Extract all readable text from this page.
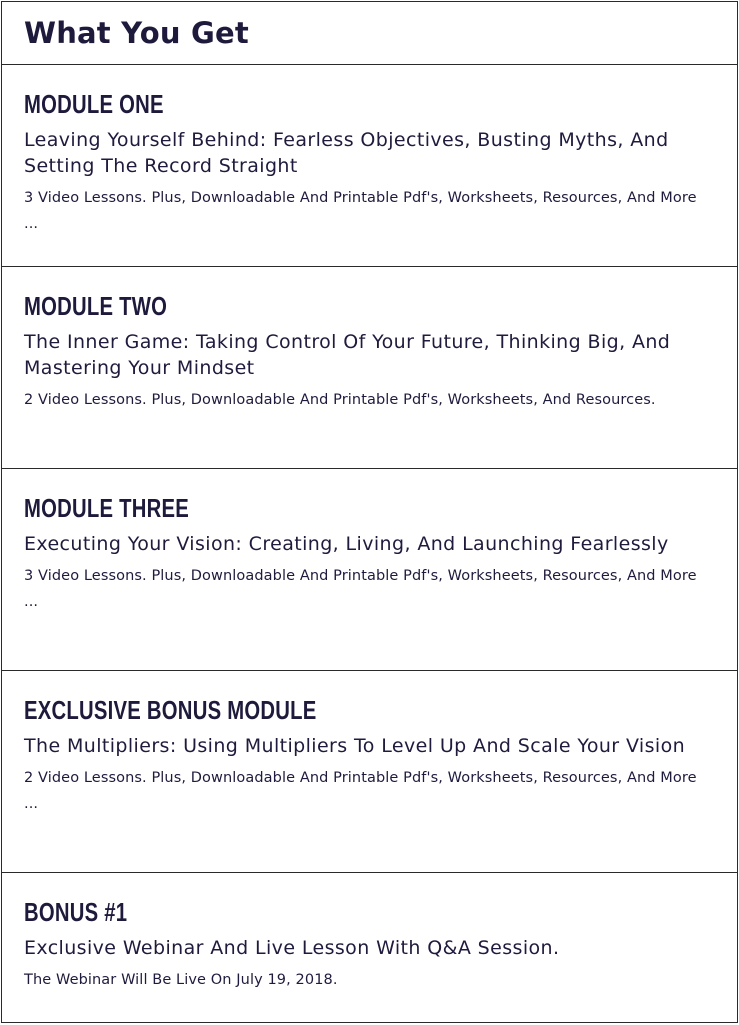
What You Get
MODULE ONE
Leaving Yourself Behind: Fearless Objectives, Busting Myths, And Setting The Record Straight
3 Video Lessons. Plus, Downloadable And Printable Pdf's, Worksheets, Resources, And More ...
MODULE TWO
The Inner Game: Taking Control Of Your Future, Thinking Big, And Mastering Your Mindset
2 Video Lessons. Plus, Downloadable And Printable Pdf's, Worksheets, And Resources.
MODULE THREE
Executing Your Vision: Creating, Living, And Launching Fearlessly
3 Video Lessons. Plus, Downloadable And Printable Pdf's, Worksheets, Resources, And More ...
EXCLUSIVE BONUS MODULE
The Multipliers: Using Multipliers To Level Up And Scale Your Vision
2 Video Lessons. Plus, Downloadable And Printable Pdf's, Worksheets, Resources, And More ...
BONUS #1
Exclusive Webinar And Live Lesson With Q&A Session.
The Webinar Will Be Live On July 19, 2018.
